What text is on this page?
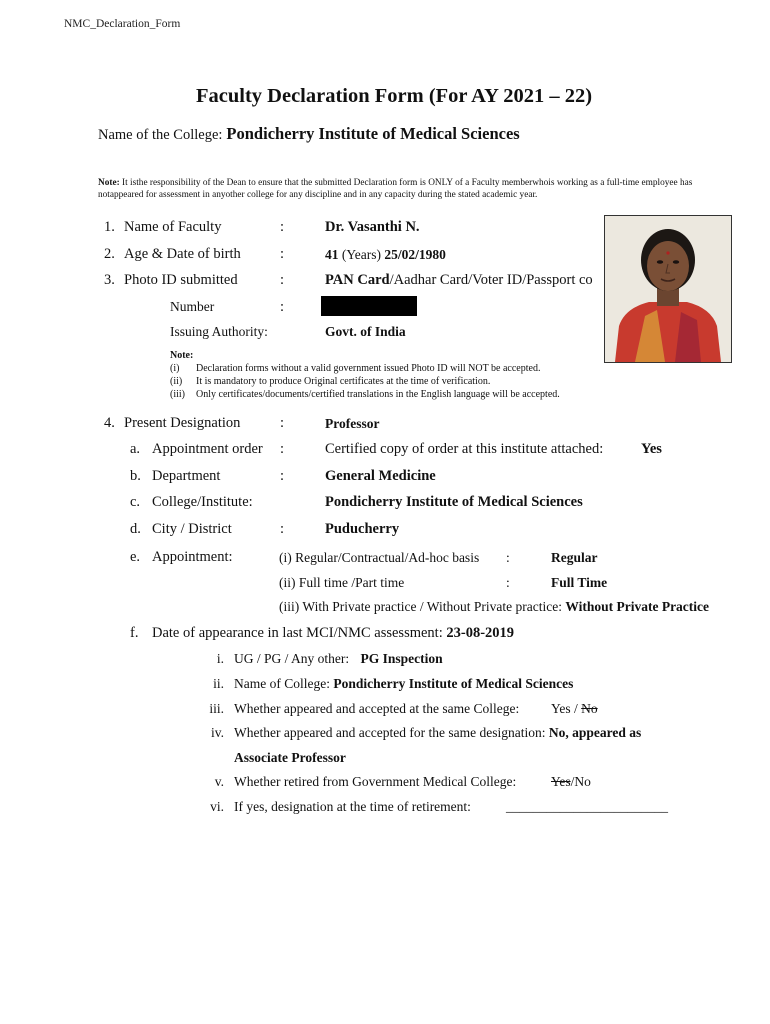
NMC_Declaration_Form
Faculty Declaration Form (For AY 2021 – 22)
Name of the College: Pondicherry Institute of Medical Sciences
Note: It isthe responsibility of the Dean to ensure that the submitted Declaration form is ONLY of a Faculty memberwhois working as a full-time employee has notappeared for assessment in anyother college for any discipline and in any capacity during the stated academic year.
1. Name of Faculty	:	Dr. Vasanthi N.
2. Age & Date of birth	:	41 (Years) 25/02/1980
3. Photo ID submitted	:	PAN Card/Aadhar Card/Voter ID/Passport co
Number	:
Issuing Authority:	Govt. of India
Note:
(i) Declaration forms without a valid government issued Photo ID will NOT be accepted.
(ii) It is mandatory to produce Original certificates at the time of verification.
(iii) Only certificates/documents/certified translations in the English language will be accepted.
4. Present Designation	:	Professor
a. Appointment order :	Certified copy of order at this institute attached:	Yes
b. Department	:	General Medicine
c. College/Institute:	Pondicherry Institute of Medical Sciences
d. City / District	:	Puducherry
e. Appointment:	(i) Regular/Contractual/Ad-hoc basis :	Regular
(ii) Full time /Part time	:	Full Time
(iii) With Private practice / Without Private practice: Without Private Practice
f. Date of appearance in last MCI/NMC assessment: 23-08-2019
i. UG / PG / Any other: PG Inspection
ii. Name of College: Pondicherry Institute of Medical Sciences
iii. Whether appeared and accepted at the same College: Yes / No
iv. Whether appeared and accepted for the same designation: No, appeared as
Associate Professor
v. Whether retired from Government Medical College:	Yes/No
vi. If yes, designation at the time of retirement:	________________________
